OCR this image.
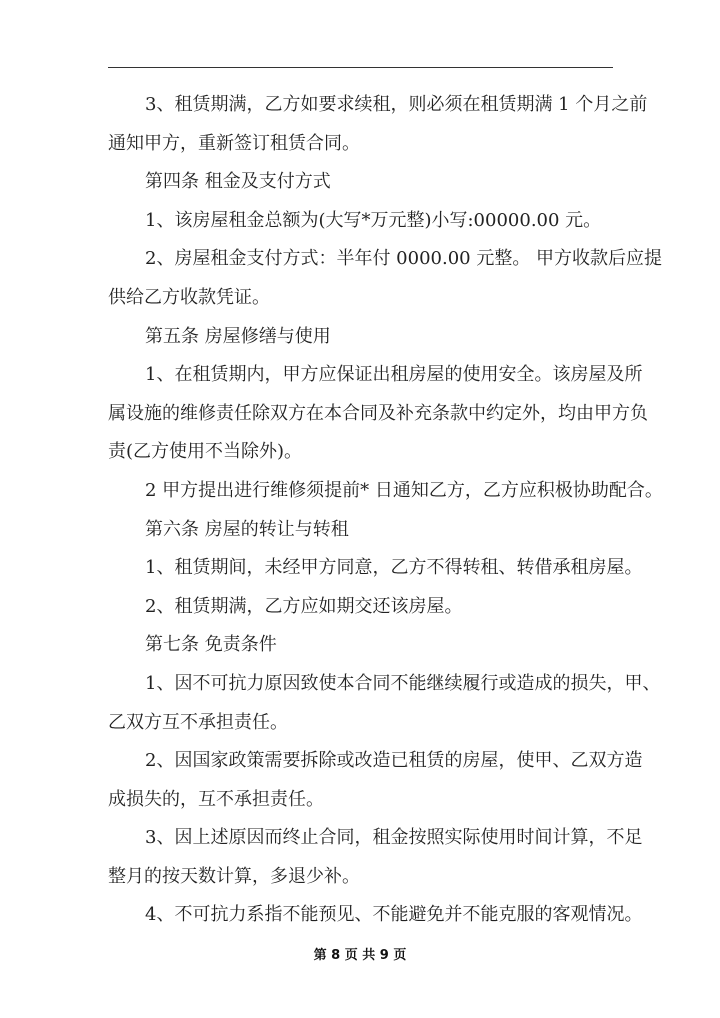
3、租赁期满，乙方如要求续租，则必须在租赁期满 1 个月之前
通知甲方，重新签订租赁合同。
第四条 租金及支付方式
1、该房屋租金总额为(大写*万元整)小写:00000.00 元。
2、房屋租金支付方式：半年付 0000.00 元整。 甲方收款后应提
供给乙方收款凭证。
第五条 房屋修缮与使用
1、在租赁期内，甲方应保证出租房屋的使用安全。该房屋及所
属设施的维修责任除双方在本合同及补充条款中约定外，均由甲方负
责(乙方使用不当除外)。
2 甲方提出进行维修须提前* 日通知乙方，乙方应积极协助配合。
第六条 房屋的转让与转租
1、租赁期间，未经甲方同意，乙方不得转租、转借承租房屋。
2、租赁期满，乙方应如期交还该房屋。
第七条 免责条件
1、因不可抗力原因致使本合同不能继续履行或造成的损失，甲、
乙双方互不承担责任。
2、因国家政策需要拆除或改造已租赁的房屋，使甲、乙双方造
成损失的，互不承担责任。
3、因上述原因而终止合同，租金按照实际使用时间计算，不足
整月的按天数计算，多退少补。
4、不可抗力系指不能预见、不能避免并不能克服的客观情况。
第 8 页 共 9 页
